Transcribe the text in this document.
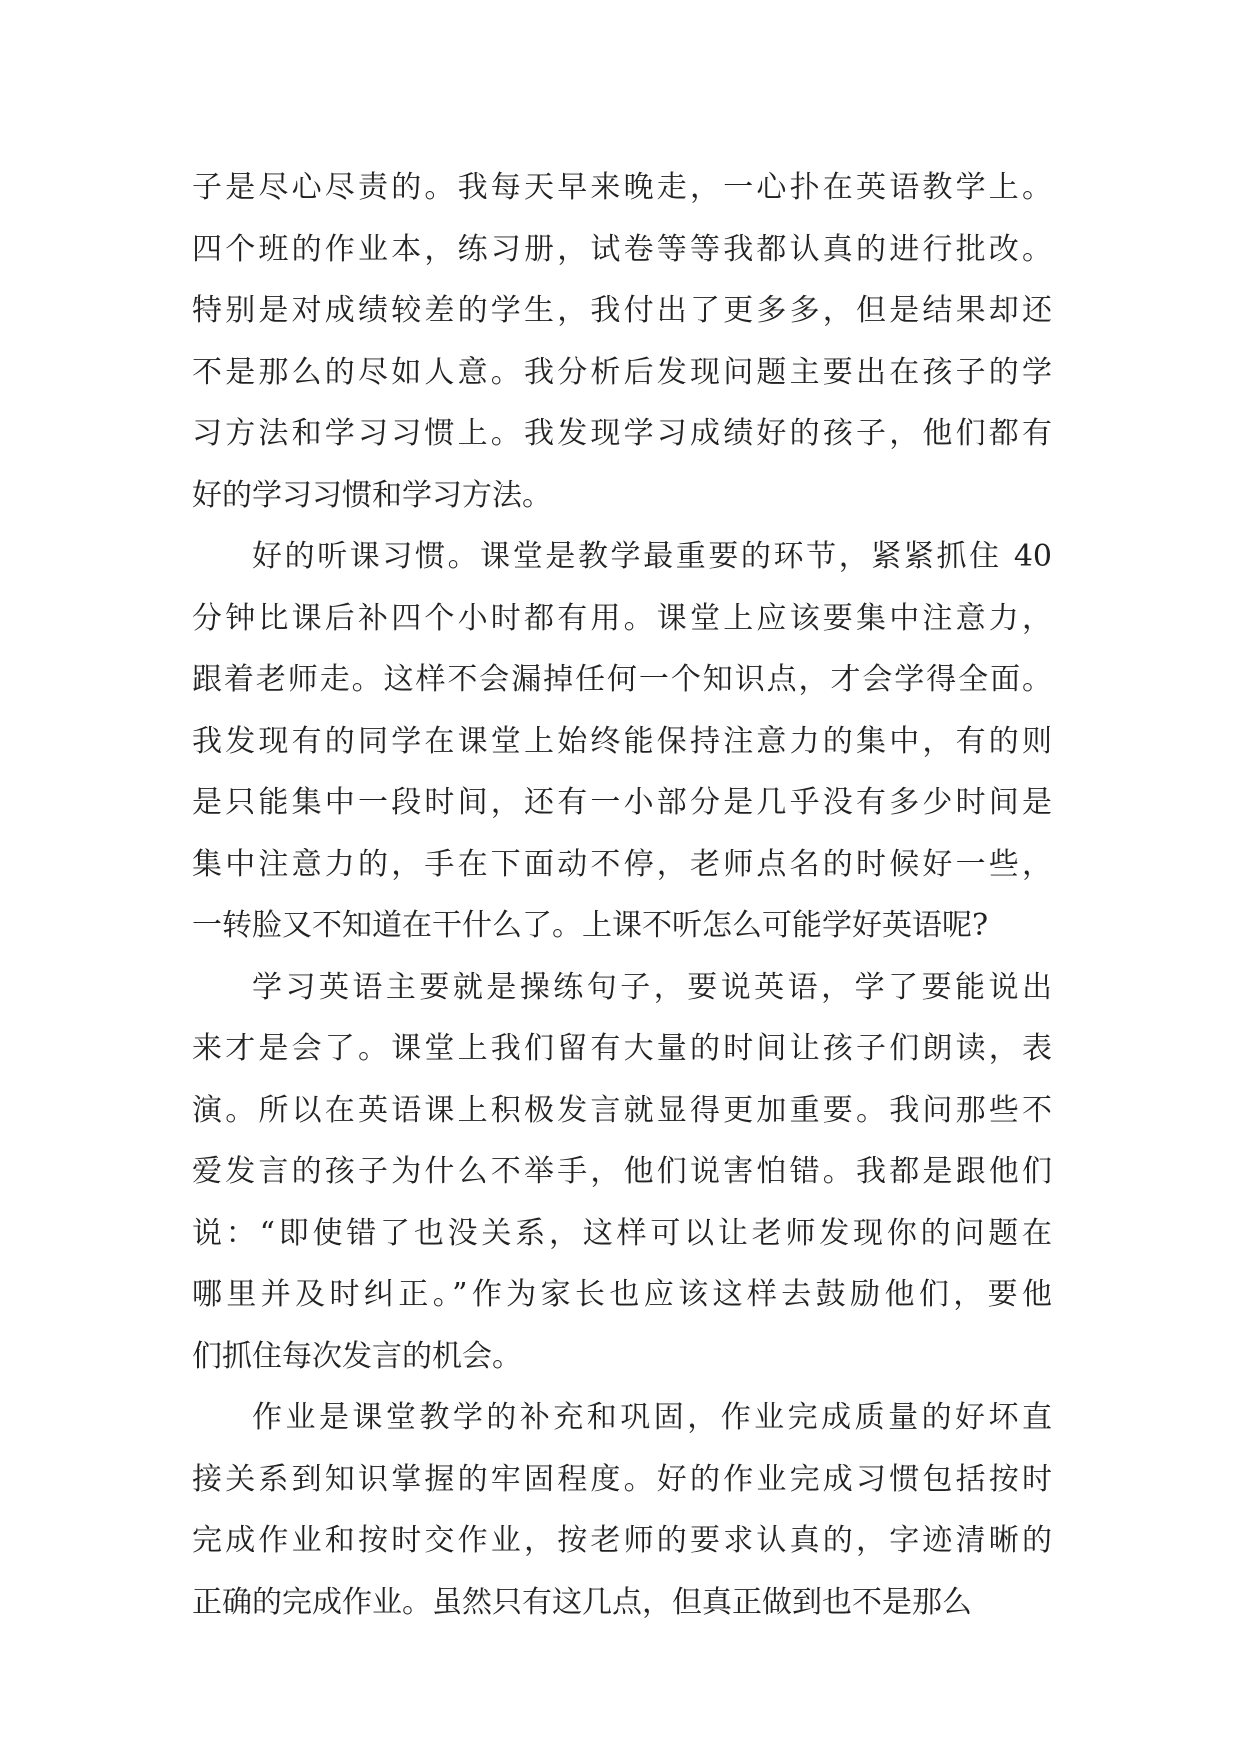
子是尽心尽责的。我每天早来晚走，一心扑在英语教学上。
四个班的作业本，练习册，试卷等等我都认真的进行批改。
特别是对成绩较差的学生，我付出了更多多，但是结果却还
不是那么的尽如人意。我分析后发现问题主要出在孩子的学
习方法和学习习惯上。我发现学习成绩好的孩子，他们都有
好的学习习惯和学习方法。
好的听课习惯。课堂是教学最重要的环节，紧紧抓住 40
分钟比课后补四个小时都有用。课堂上应该要集中注意力，
跟着老师走。这样不会漏掉任何一个知识点，才会学得全面。
我发现有的同学在课堂上始终能保持注意力的集中，有的则
是只能集中一段时间，还有一小部分是几乎没有多少时间是
集中注意力的，手在下面动不停，老师点名的时候好一些，
一转脸又不知道在干什么了。上课不听怎么可能学好英语呢?
学习英语主要就是操练句子，要说英语，学了要能说出
来才是会了。课堂上我们留有大量的时间让孩子们朗读，表
演。所以在英语课上积极发言就显得更加重要。我问那些不
爱发言的孩子为什么不举手，他们说害怕错。我都是跟他们
说：“即使错了也没关系，这样可以让老师发现你的问题在
哪里并及时纠正。”作为家长也应该这样去鼓励他们，要他
们抓住每次发言的机会。
作业是课堂教学的补充和巩固，作业完成质量的好坏直
接关系到知识掌握的牢固程度。好的作业完成习惯包括按时
完成作业和按时交作业，按老师的要求认真的，字迹清晰的
正确的完成作业。虽然只有这几点，但真正做到也不是那么
